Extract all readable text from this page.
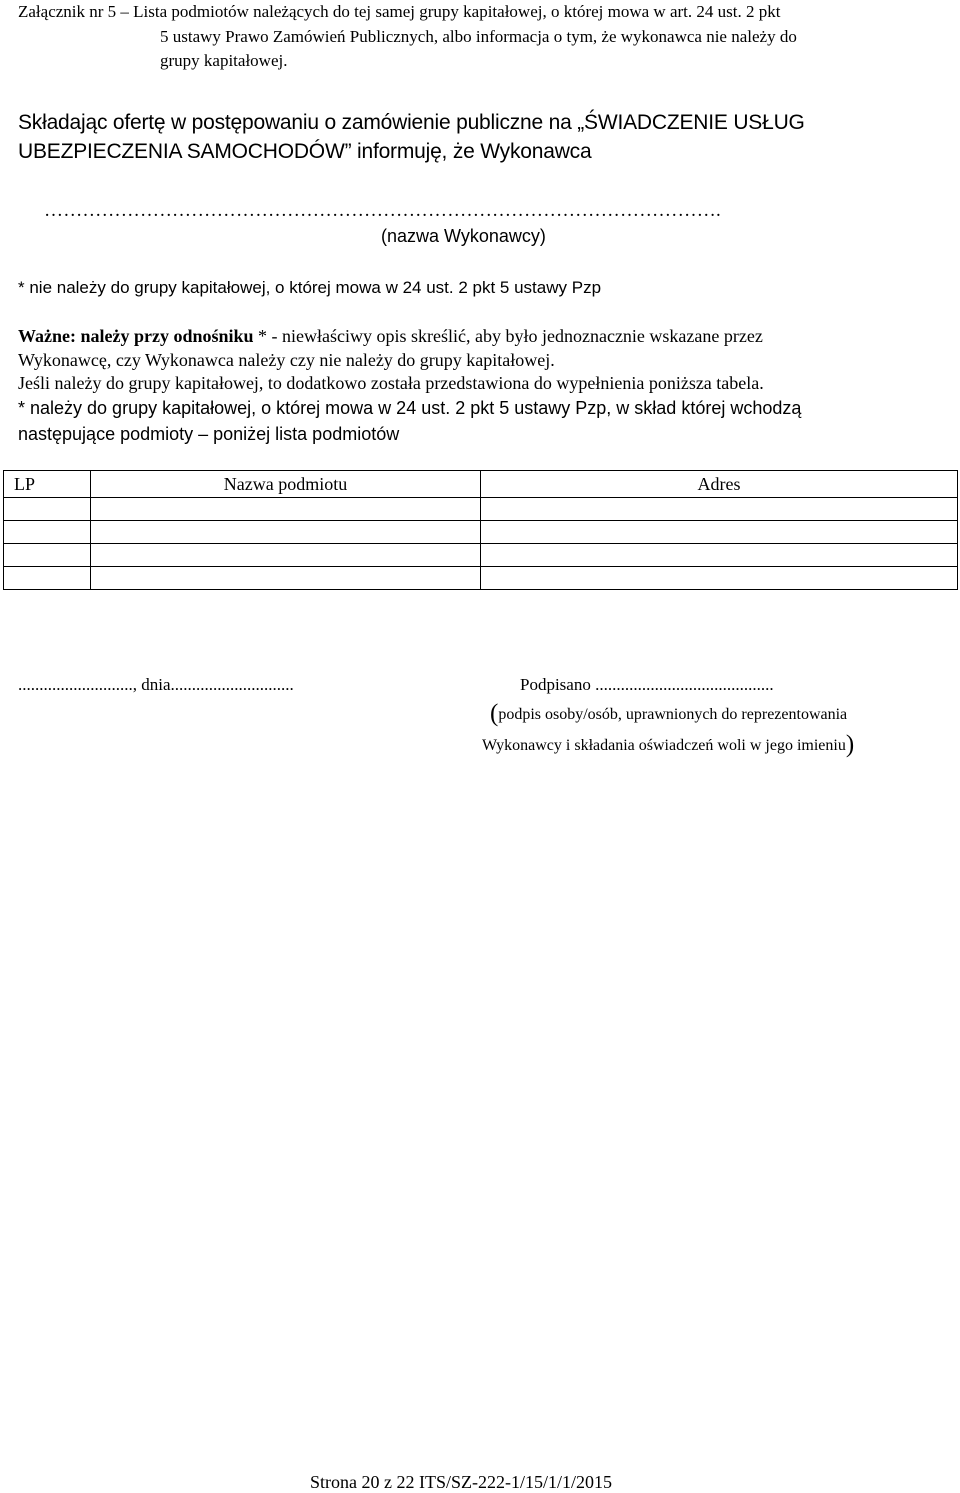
Załącznik nr 5 – Lista podmiotów należących do tej samej grupy kapitałowej, o której mowa w art. 24 ust. 2 pkt
5 ustawy Prawo Zamówień Publicznych, albo informacja o tym, że wykonawca nie należy do
grupy kapitałowej.
Składając ofertę w postępowaniu o zamówienie publiczne na „ŚWIADCZENIE USŁUG
UBEZPIECZENIA SAMOCHODÓW” informuję, że Wykonawca
…………………………………………………………………………………………….
(nazwa Wykonawcy)
* nie należy do grupy kapitałowej, o której mowa w 24 ust. 2 pkt 5 ustawy Pzp
Ważne: należy przy odnośniku * - niewłaściwy opis skreślić, aby było jednoznacznie wskazane przez
Wykonawcę, czy Wykonawca należy czy nie należy do grupy kapitałowej.
Jeśli należy do grupy kapitałowej, to dodatkowo została przedstawiona do wypełnienia poniższa tabela.
* należy do grupy kapitałowej, o której mowa w 24 ust. 2 pkt 5 ustawy Pzp, w skład której wchodzą
następujące podmioty – poniżej lista podmiotów
LP	Nazwa podmiotu	Adres

..........................., dnia.............................	Podpisano ..........................................
(podpis osoby/osób, uprawnionych do reprezentowania
Wykonawcy i składania oświadczeń woli w jego imieniu)
Strona 20 z 22 ITS/SZ-222-1/15/1/1/2015
